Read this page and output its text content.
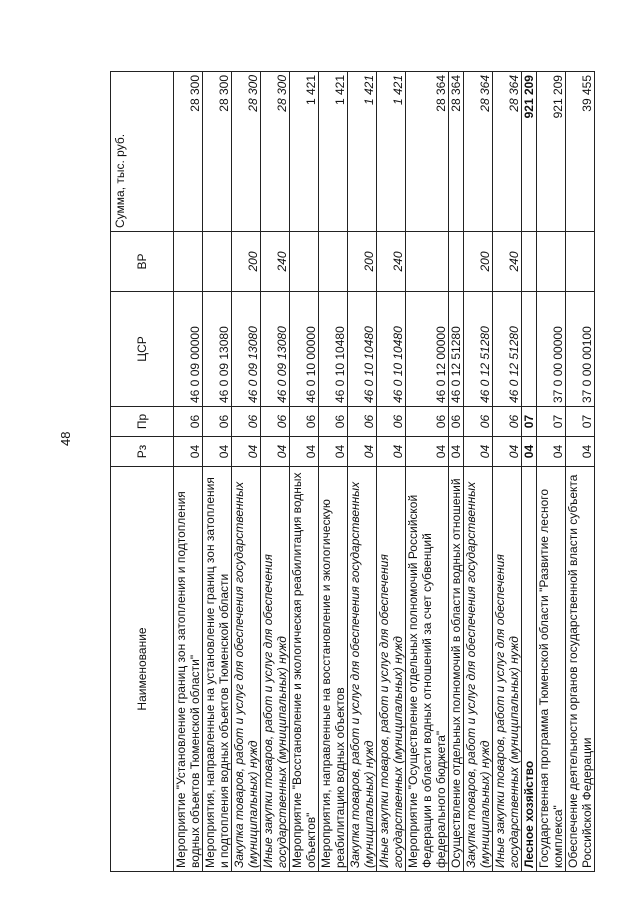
48
Наименование	Рз	Пр	ЦСР	ВР	Сумма, тыс. руб.
Мероприятие "Установление границ зон затопления и подтопления водных объектов Тюменской области"	04	06	46 0 09 00000		28 300
Мероприятия, направленные на установление границ зон затопления и подтопления водных объектов Тюменской области	04	06	46 0 09 13080		28 300
Закупка товаров, работ и услуг для обеспечения государственных (муниципальных) нужд	04	06	46 0 09 13080	200	28 300
Иные закупки товаров, работ и услуг для обеспечения государственных (муниципальных) нужд	04	06	46 0 09 13080	240	28 300
Мероприятие "Восстановление и экологическая реабилитация водных объектов"	04	06	46 0 10 00000		1 421
Мероприятия, направленные на восстановление и экологическую реабилитацию водных объектов	04	06	46 0 10 10480		1 421
Закупка товаров, работ и услуг для обеспечения государственных (муниципальных) нужд	04	06	46 0 10 10480	200	1 421
Иные закупки товаров, работ и услуг для обеспечения государственных (муниципальных) нужд	04	06	46 0 10 10480	240	1 421
Мероприятие "Осуществление отдельных полномочий Российской Федерации в области водных отношений за счет субвенций федерального бюджета"	04	06	46 0 12 00000		28 364
Осуществление отдельных полномочий в области водных отношений	04	06	46 0 12 51280		28 364
Закупка товаров, работ и услуг для обеспечения государственных (муниципальных) нужд	04	06	46 0 12 51280	200	28 364
Иные закупки товаров, работ и услуг для обеспечения государственных (муниципальных) нужд	04	06	46 0 12 51280	240	28 364
Лесное хозяйство	04	07			921 209
Государственная программа Тюменской области "Развитие лесного комплекса"	04	07	37 0 00 00000		921 209
Обеспечение деятельности органов государственной власти субъекта Российской Федерации	04	07	37 0 00 00100		39 455
